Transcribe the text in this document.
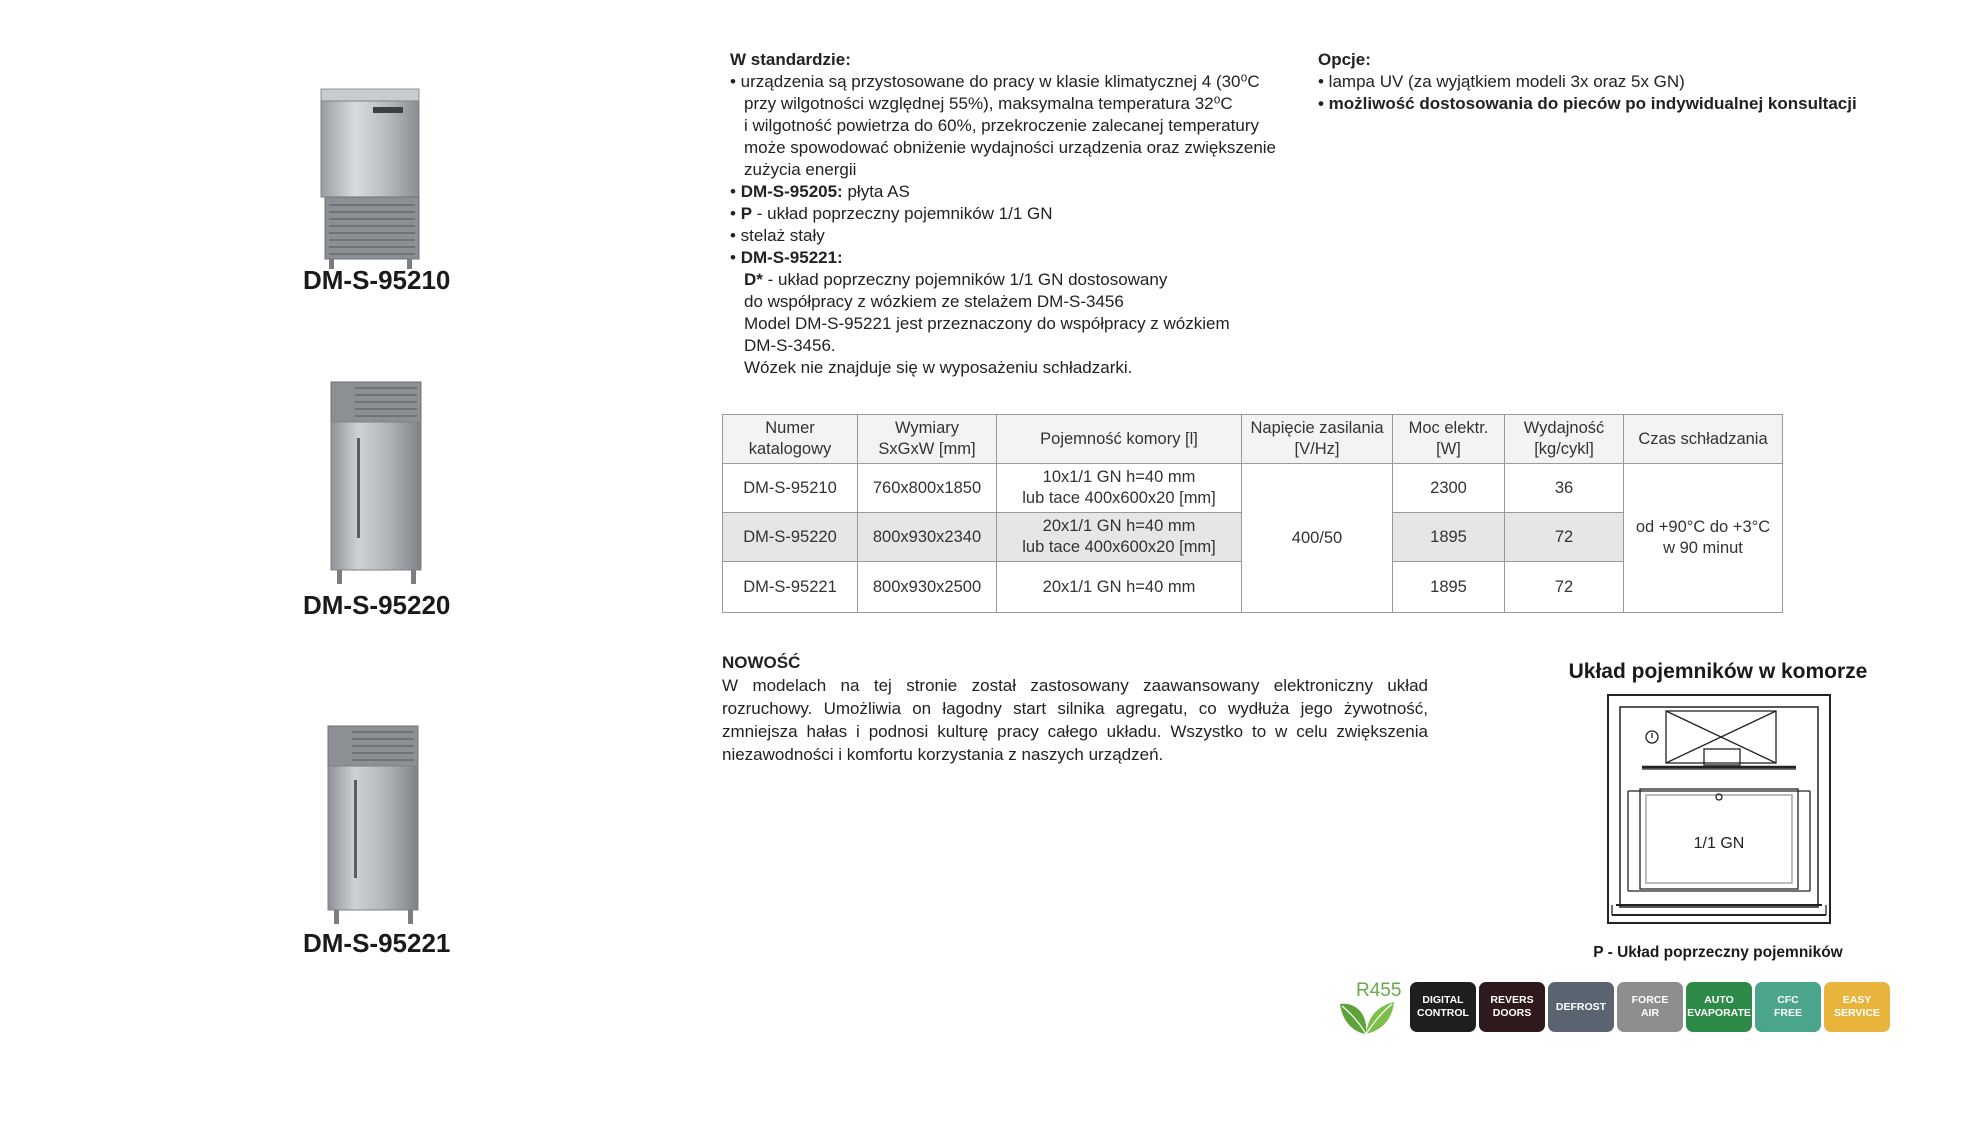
DM-S-95210
DM-S-95220
DM-S-95221
W standardzie:
• urządzenia są przystosowane do pracy w klasie klimatycznej 4 (30⁰C
przy wilgotności względnej 55%), maksymalna temperatura 32⁰C
i wilgotność powietrza do 60%, przekroczenie zalecanej temperatury
może spowodować obniżenie wydajności urządzenia oraz zwiększenie
zużycia energii
• DM-S-95205: płyta AS
• P - układ poprzeczny pojemników 1/1 GN
• stelaż stały
• DM-S-95221:
D* - układ poprzeczny pojemników 1/1 GN dostosowany
do współpracy z wózkiem ze stelażem DM-S-3456
Model DM-S-95221 jest przeznaczony do współpracy z wózkiem
DM-S-3456.
Wózek nie znajduje się w wyposażeniu schładzarki.
Opcje:
• lampa UV (za wyjątkiem modeli 3x oraz 5x GN)
• możliwość dostosowania do pieców po indywidualnej konsultacji
Numer
katalogowy	Wymiary
SxGxW [mm]	Pojemność komory [l]	Napięcie zasilania
[V/Hz]	Moc elektr.
[W]	Wydajność
[kg/cykl]	Czas schładzania
DM-S-95210	760x800x1850	10x1/1 GN h=40 mm
lub tace 400x600x20 [mm]	400/50	2300	36	od +90°C do +3°C
w 90 minut
DM-S-95220	800x930x2340	20x1/1 GN h=40 mm
lub tace 400x600x20 [mm]		1895	72	
DM-S-95221	800x930x2500	20x1/1 GN h=40 mm		1895	72	
NOWOŚĆ
W modelach na tej stronie został zastosowany zaawansowany elektroniczny układ rozruchowy. Umożliwia on łagodny start silnika agregatu, co wydłuża jego żywotność, zmniejsza hałas i podnosi kulturę pracy całego układu. Wszystko to w celu zwiększenia niezawodności i komfortu korzystania z naszych urządzeń.
Układ pojemników w komorze
1/1 GN
P - Układ poprzeczny pojemników
R455	DIGITAL
CONTROL
REVERS
DOORS
DEFROST
FORCE
AIR
AUTO
EVAPORATE
CFC
FREE
EASY
SERVICE
